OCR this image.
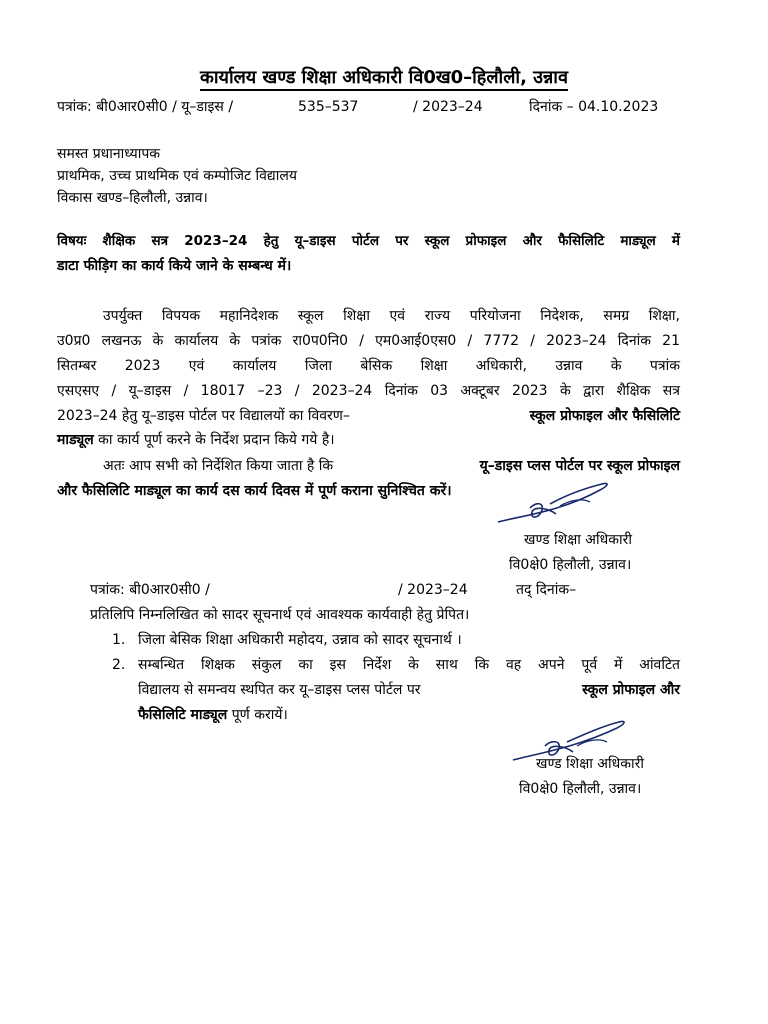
कार्यालय खण्ड शिक्षा अधिकारी वि0ख0–हिलौली, उन्नाव
पत्रांक: बी0आर0सी0 / यू–डाइस /	535–537	/ 2023–24	दिनांक – 04.10.2023
समस्त प्रधानाध्यापक
प्राथमिक, उच्च प्राथमिक एवं कम्पोजिट विद्यालय
विकास खण्ड–हिलौली, उन्नाव।
विषयः शैक्षिक सत्र 2023–24 हेतु यू–डाइस पोर्टल पर स्कूल प्रोफाइल और फैसिलिटि माड्यूल में
डाटा फीड़िग का कार्य किये जाने के सम्बन्ध में।
उपर्युक्त विपयक महानिदेशक स्कूल शिक्षा एवं राज्य परियोजना निदेशक, समग्र शिक्षा,
उ0प्र0 लखनऊ के कार्यालय के पत्रांक रा0प0नि0 / एम0आई0एस0 / 7772 / 2023–24 दिनांक 21
सितम्बर 2023 एवं कार्यालय जिला बेसिक शिक्षा अधिकारी, उन्नाव के पत्रांक
एसएसए / यू–डाइस / 18017 –23 / 2023–24 दिनांक 03 अक्टूबर 2023 के द्वारा शैक्षिक सत्र
2023–24 हेतु यू–डाइस पोर्टल पर विद्यालयों का विवरण–	स्कूल प्रोफाइल और फैसिलिटि
माड्यूल का कार्य पूर्ण करने के निर्देश प्रदान किये गये है।
अतः आप सभी को निर्देशित किया जाता है कि	यू–डाइस प्लस पोर्टल पर स्कूल प्रोफाइल
और फैसिलिटि माड्यूल का कार्य दस कार्य दिवस में पूर्ण कराना सुनिश्चित करें।
खण्ड शिक्षा अधिकारी
वि0क्षे0 हिलौली, उन्नाव।
पत्रांक: बी0आर0सी0 /	/ 2023–24	तद् दिनांक–
प्रतिलिपि निम्नलिखित को सादर सूचनार्थ एवं आवश्यक कार्यवाही हेतु प्रेपित।
1. जिला बेसिक शिक्षा अधिकारी महोदय, उन्नाव को सादर सूचनार्थ ।
2. सम्बन्धित शिक्षक संकुल का इस निर्देश के साथ कि वह अपने पूर्व में आंवटित
विद्यालय से समन्वय स्थपित कर यू–डाइस प्लस पोर्टल पर	स्कूल प्रोफाइल और
फैसिलिटि माड्यूल पूर्ण करायें।
खण्ड शिक्षा अधिकारी
वि0क्षे0 हिलौली, उन्नाव।
